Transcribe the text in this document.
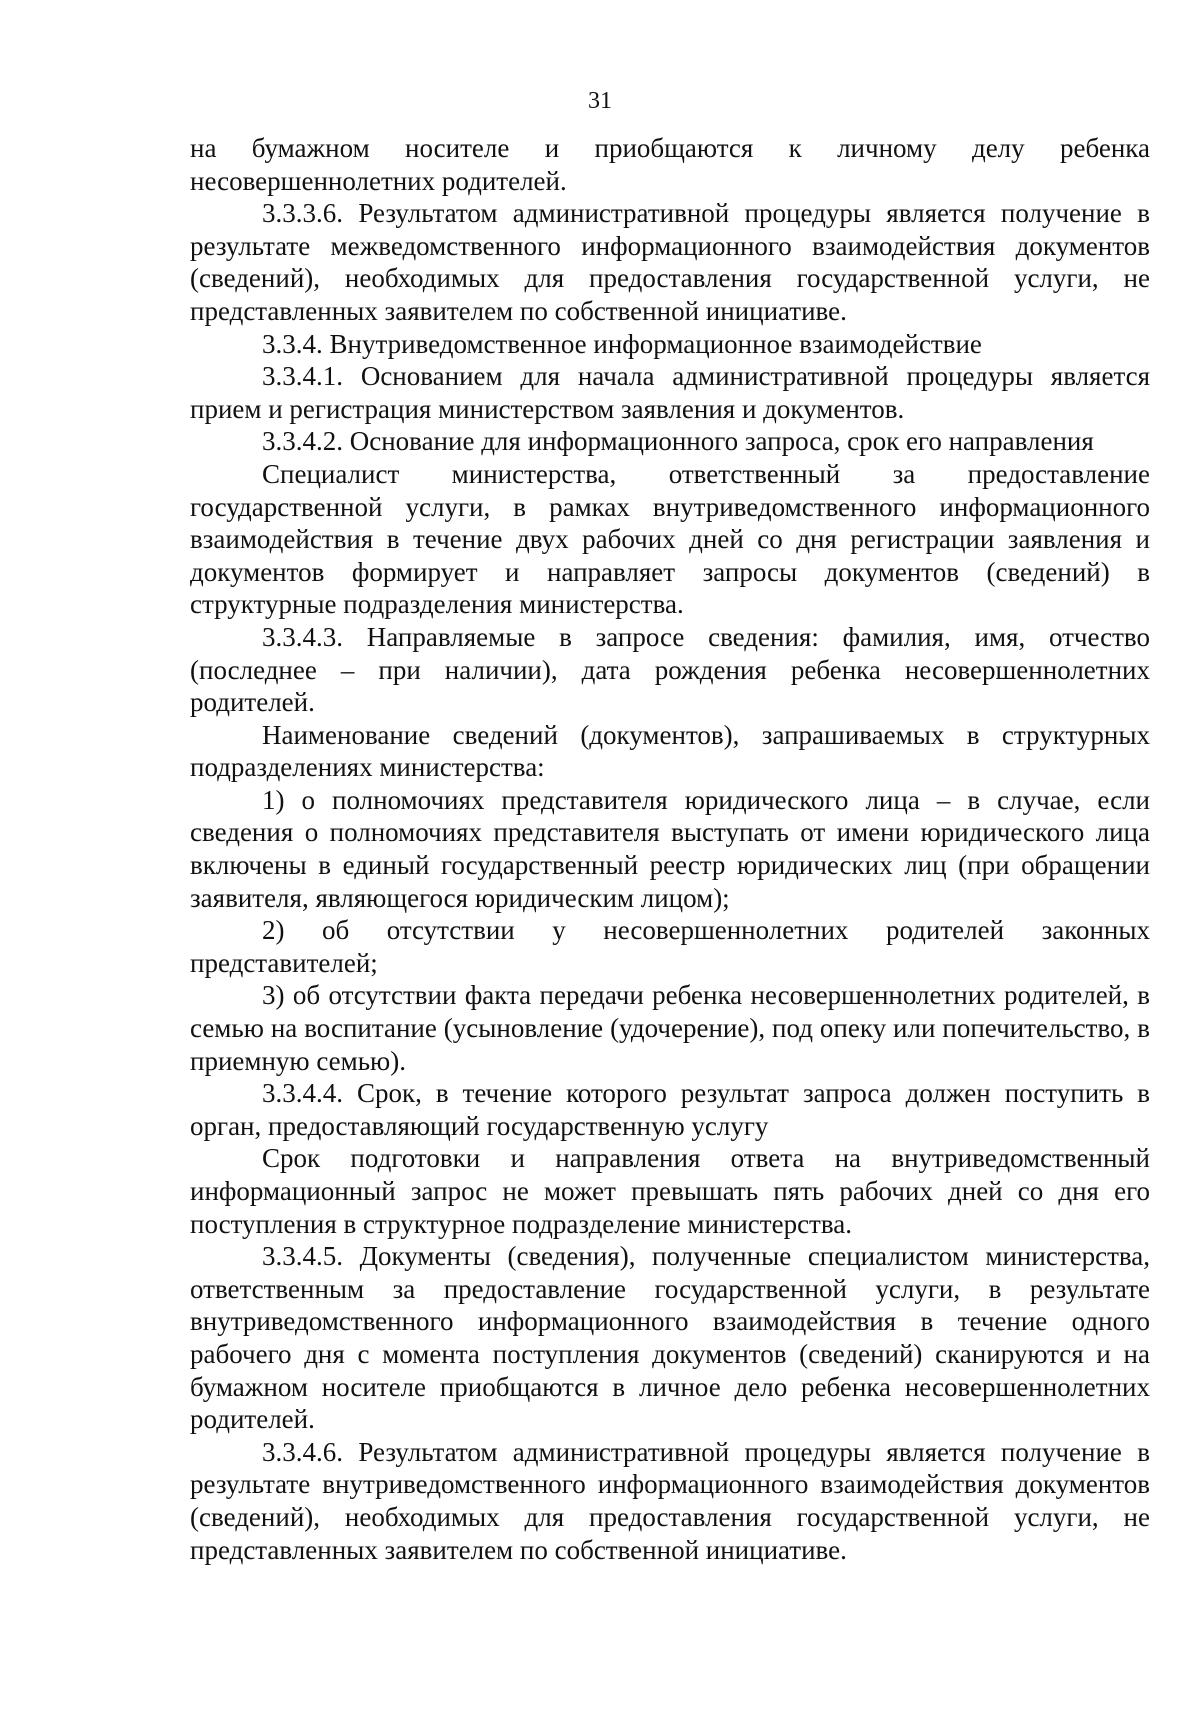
31

на бумажном носителе и приобщаются к личному делу ребенка несовершеннолетних родителей.

3.3.3.6. Результатом административной процедуры является получение в результате межведомственного информационного взаимодействия документов (сведений), необходимых для предоставления государственной услуги, не представленных заявителем по собственной инициативе.

3.3.4. Внутриведомственное информационное взаимодействие

3.3.4.1. Основанием для начала административной процедуры является прием и регистрация министерством заявления и документов.

3.3.4.2. Основание для информационного запроса, срок его направления

Специалист министерства, ответственный за предоставление государственной услуги, в рамках внутриведомственного информационного взаимодействия в течение двух рабочих дней со дня регистрации заявления и документов формирует и направляет запросы документов (сведений) в структурные подразделения министерства.

3.3.4.3. Направляемые в запросе сведения: фамилия, имя, отчество (последнее – при наличии), дата рождения ребенка несовершеннолетних родителей.

Наименование сведений (документов), запрашиваемых в структурных подразделениях министерства:

1) о полномочиях представителя юридического лица – в случае, если сведения о полномочиях представителя выступать от имени юридического лица включены в единый государственный реестр юридических лиц (при обращении заявителя, являющегося юридическим лицом);

2) об отсутствии у несовершеннолетних родителей законных представителей;

3) об отсутствии факта передачи ребенка несовершеннолетних родителей, в семью на воспитание (усыновление (удочерение), под опеку или попечительство, в приемную семью).

3.3.4.4. Срок, в течение которого результат запроса должен поступить в орган, предоставляющий государственную услугу

Срок подготовки и направления ответа на внутриведомственный информационный запрос не может превышать пять рабочих дней со дня его поступления в структурное подразделение министерства.

3.3.4.5. Документы (сведения), полученные специалистом министерства, ответственным за предоставление государственной услуги, в результате внутриведомственного информационного взаимодействия в течение одного рабочего дня с момента поступления документов (сведений) сканируются и на бумажном носителе приобщаются в личное дело ребенка несовершеннолетних родителей.

3.3.4.6. Результатом административной процедуры является получение в результате внутриведомственного информационного взаимодействия документов (сведений), необходимых для предоставления государственной услуги, не представленных заявителем по собственной инициативе.
